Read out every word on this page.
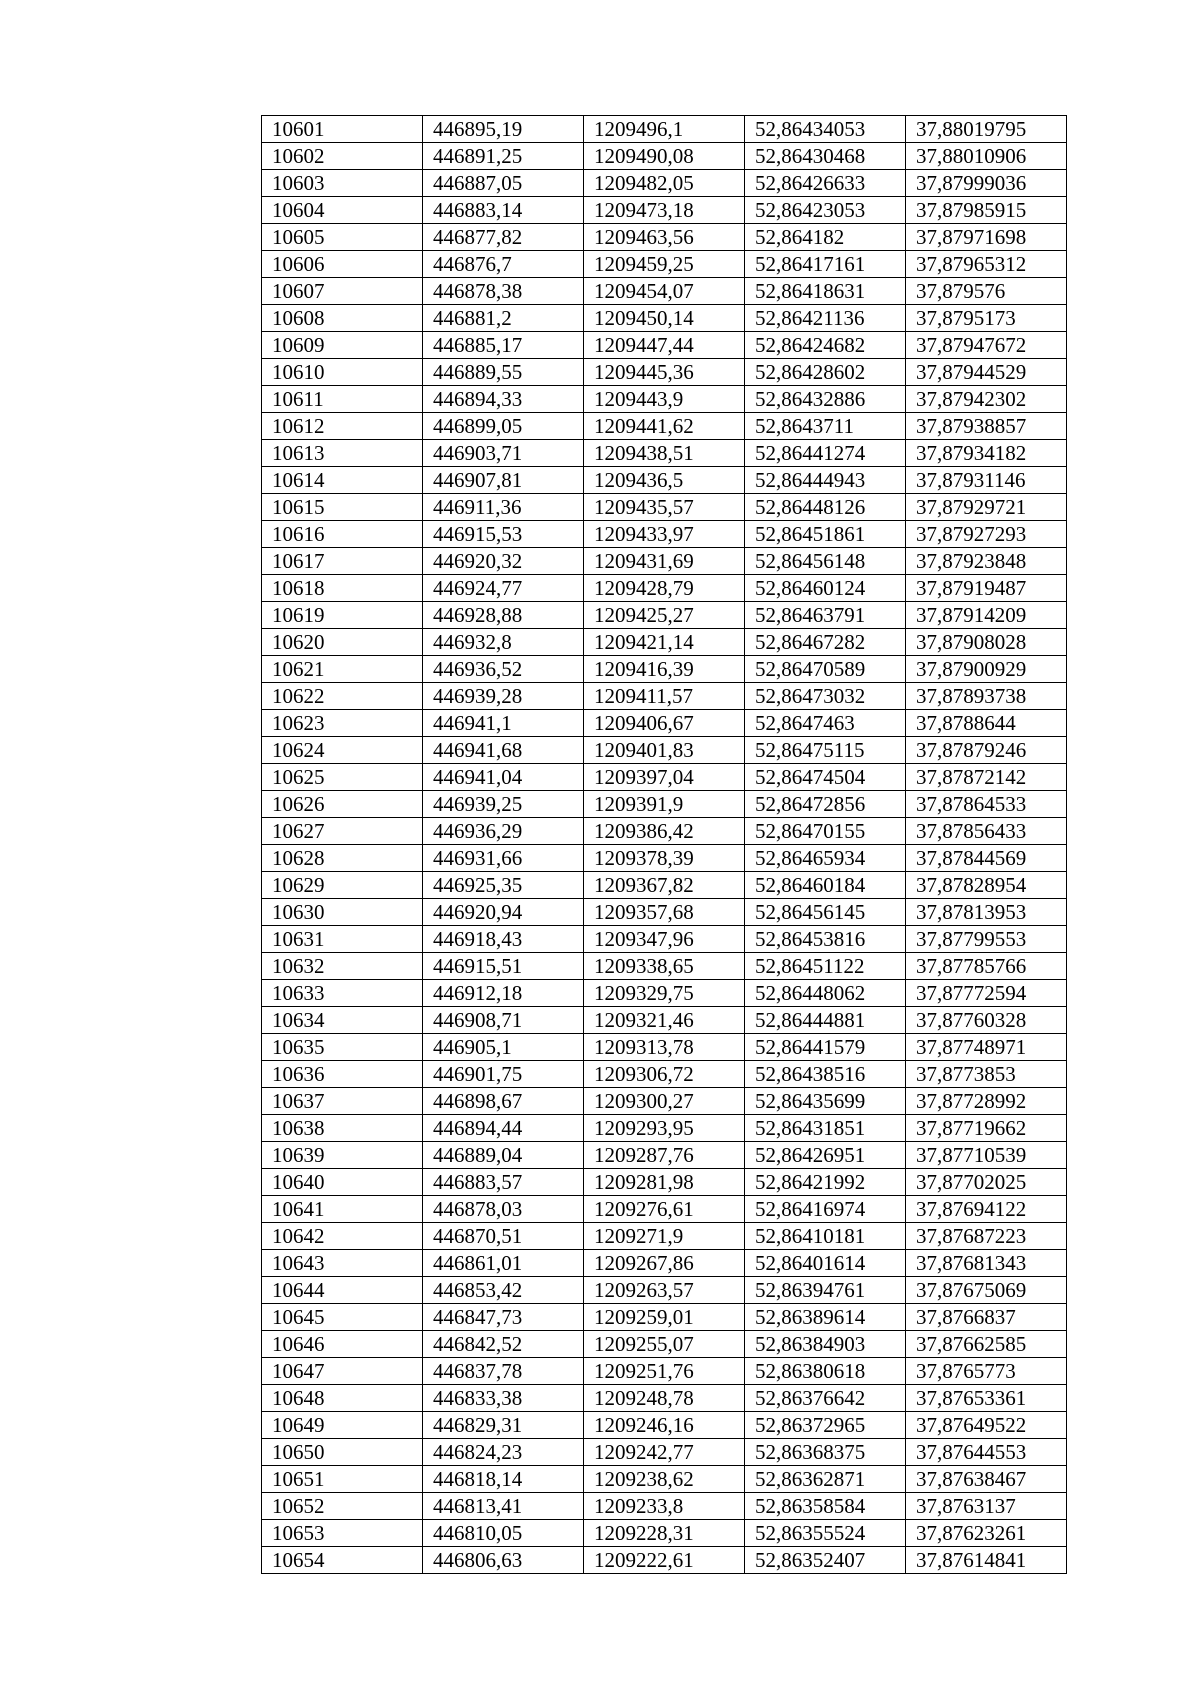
10601	446895,19	1209496,1	52,86434053	37,88019795
10602	446891,25	1209490,08	52,86430468	37,88010906
10603	446887,05	1209482,05	52,86426633	37,87999036
10604	446883,14	1209473,18	52,86423053	37,87985915
10605	446877,82	1209463,56	52,864182	37,87971698
10606	446876,7	1209459,25	52,86417161	37,87965312
10607	446878,38	1209454,07	52,86418631	37,879576
10608	446881,2	1209450,14	52,86421136	37,8795173
10609	446885,17	1209447,44	52,86424682	37,87947672
10610	446889,55	1209445,36	52,86428602	37,87944529
10611	446894,33	1209443,9	52,86432886	37,87942302
10612	446899,05	1209441,62	52,8643711	37,87938857
10613	446903,71	1209438,51	52,86441274	37,87934182
10614	446907,81	1209436,5	52,86444943	37,87931146
10615	446911,36	1209435,57	52,86448126	37,87929721
10616	446915,53	1209433,97	52,86451861	37,87927293
10617	446920,32	1209431,69	52,86456148	37,87923848
10618	446924,77	1209428,79	52,86460124	37,87919487
10619	446928,88	1209425,27	52,86463791	37,87914209
10620	446932,8	1209421,14	52,86467282	37,87908028
10621	446936,52	1209416,39	52,86470589	37,87900929
10622	446939,28	1209411,57	52,86473032	37,87893738
10623	446941,1	1209406,67	52,8647463	37,8788644
10624	446941,68	1209401,83	52,86475115	37,87879246
10625	446941,04	1209397,04	52,86474504	37,87872142
10626	446939,25	1209391,9	52,86472856	37,87864533
10627	446936,29	1209386,42	52,86470155	37,87856433
10628	446931,66	1209378,39	52,86465934	37,87844569
10629	446925,35	1209367,82	52,86460184	37,87828954
10630	446920,94	1209357,68	52,86456145	37,87813953
10631	446918,43	1209347,96	52,86453816	37,87799553
10632	446915,51	1209338,65	52,86451122	37,87785766
10633	446912,18	1209329,75	52,86448062	37,87772594
10634	446908,71	1209321,46	52,86444881	37,87760328
10635	446905,1	1209313,78	52,86441579	37,87748971
10636	446901,75	1209306,72	52,86438516	37,8773853
10637	446898,67	1209300,27	52,86435699	37,87728992
10638	446894,44	1209293,95	52,86431851	37,87719662
10639	446889,04	1209287,76	52,86426951	37,87710539
10640	446883,57	1209281,98	52,86421992	37,87702025
10641	446878,03	1209276,61	52,86416974	37,87694122
10642	446870,51	1209271,9	52,86410181	37,87687223
10643	446861,01	1209267,86	52,86401614	37,87681343
10644	446853,42	1209263,57	52,86394761	37,87675069
10645	446847,73	1209259,01	52,86389614	37,8766837
10646	446842,52	1209255,07	52,86384903	37,87662585
10647	446837,78	1209251,76	52,86380618	37,8765773
10648	446833,38	1209248,78	52,86376642	37,87653361
10649	446829,31	1209246,16	52,86372965	37,87649522
10650	446824,23	1209242,77	52,86368375	37,87644553
10651	446818,14	1209238,62	52,86362871	37,87638467
10652	446813,41	1209233,8	52,86358584	37,8763137
10653	446810,05	1209228,31	52,86355524	37,87623261
10654	446806,63	1209222,61	52,86352407	37,87614841
